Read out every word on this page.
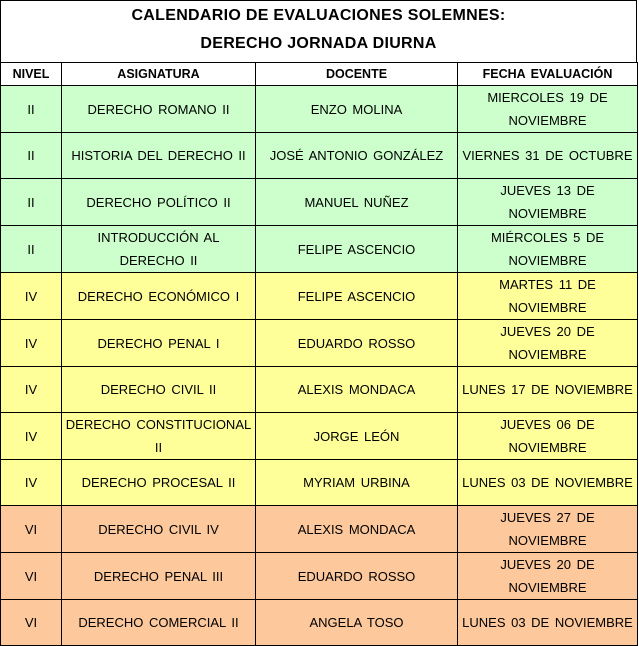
CALENDARIO DE EVALUACIONES SOLEMNES:
DERECHO JORNADA DIURNA
NIVEL	ASIGNATURA	DOCENTE	FECHA EVALUACIÓN
II	DERECHO ROMANO II	ENZO MOLINA	MIERCOLES 19 DE NOVIEMBRE
II	HISTORIA DEL DERECHO II	JOSÉ ANTONIO GONZÁLEZ	VIERNES 31 DE OCTUBRE
II	DERECHO POLÍTICO II	MANUEL NUÑEZ	JUEVES 13 DE NOVIEMBRE
II	INTRODUCCIÓN AL DERECHO II	FELIPE ASCENCIO	MIÉRCOLES 5 DE NOVIEMBRE
IV	DERECHO ECONÓMICO I	FELIPE ASCENCIO	MARTES 11 DE NOVIEMBRE
IV	DERECHO PENAL I	EDUARDO ROSSO	JUEVES 20 DE NOVIEMBRE
IV	DERECHO CIVIL II	ALEXIS MONDACA	LUNES 17 DE NOVIEMBRE
IV	DERECHO CONSTITUCIONAL II	JORGE LEÓN	JUEVES 06 DE NOVIEMBRE
IV	DERECHO PROCESAL II	MYRIAM URBINA	LUNES 03 DE NOVIEMBRE
VI	DERECHO CIVIL IV	ALEXIS MONDACA	JUEVES 27 DE NOVIEMBRE
VI	DERECHO PENAL III	EDUARDO ROSSO	JUEVES 20 DE NOVIEMBRE
VI	DERECHO COMERCIAL II	ANGELA TOSO	LUNES 03 DE NOVIEMBRE
